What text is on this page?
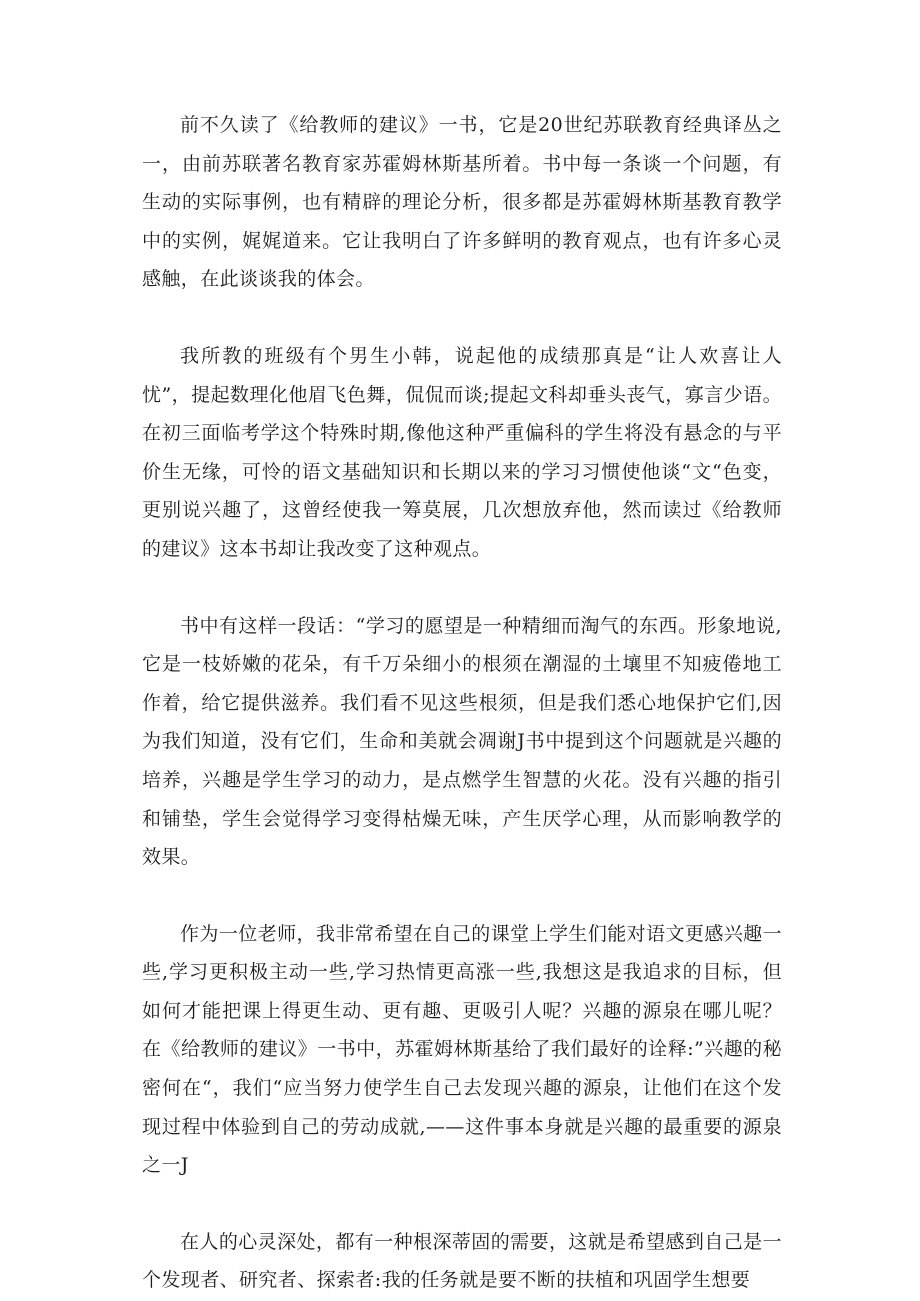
前不久读了《给教师的建议》一书，它是20世纪苏联教育经典译丛之一，由前苏联著名教育家苏霍姆林斯基所着。书中每一条谈一个问题，有生动的实际事例，也有精辟的理论分析，很多都是苏霍姆林斯基教育教学中的实例，娓娓道来。它让我明白了许多鲜明的教育观点，也有许多心灵感触，在此谈谈我的体会。

我所教的班级有个男生小韩，说起他的成绩那真是“让人欢喜让人忧”，提起数理化他眉飞色舞，侃侃而谈;提起文科却垂头丧气，寡言少语。在初三面临考学这个特殊时期,像他这种严重偏科的学生将没有悬念的与平价生无缘，可怜的语文基础知识和长期以来的学习习惯使他谈“文“色变，更别说兴趣了，这曾经使我一筹莫展，几次想放弃他，然而读过《给教师的建议》这本书却让我改变了这种观点。

书中有这样一段话：“学习的愿望是一种精细而淘气的东西。形象地说,它是一枝娇嫩的花朵，有千万朵细小的根须在潮湿的土壤里不知疲倦地工作着，给它提供滋养。我们看不见这些根须，但是我们悉心地保护它们,因为我们知道，没有它们，生命和美就会凋谢J书中提到这个问题就是兴趣的培养，兴趣是学生学习的动力，是点燃学生智慧的火花。没有兴趣的指引和铺垫，学生会觉得学习变得枯燥无味，产生厌学心理，从而影响教学的效果。

作为一位老师，我非常希望在自己的课堂上学生们能对语文更感兴趣一些,学习更积极主动一些,学习热情更高涨一些,我想这是我追求的目标，但如何才能把课上得更生动、更有趣、更吸引人呢？兴趣的源泉在哪儿呢？在《给教师的建议》一书中，苏霍姆林斯基给了我们最好的诠释:”兴趣的秘密何在“，我们“应当努力使学生自己去发现兴趣的源泉，让他们在这个发现过程中体验到自己的劳动成就,——这件事本身就是兴趣的最重要的源泉之一J

在人的心灵深处，都有一种根深蒂固的需要，这就是希望感到自己是一个发现者、研究者、探索者:我的任务就是要不断的扶植和巩固学生想要
